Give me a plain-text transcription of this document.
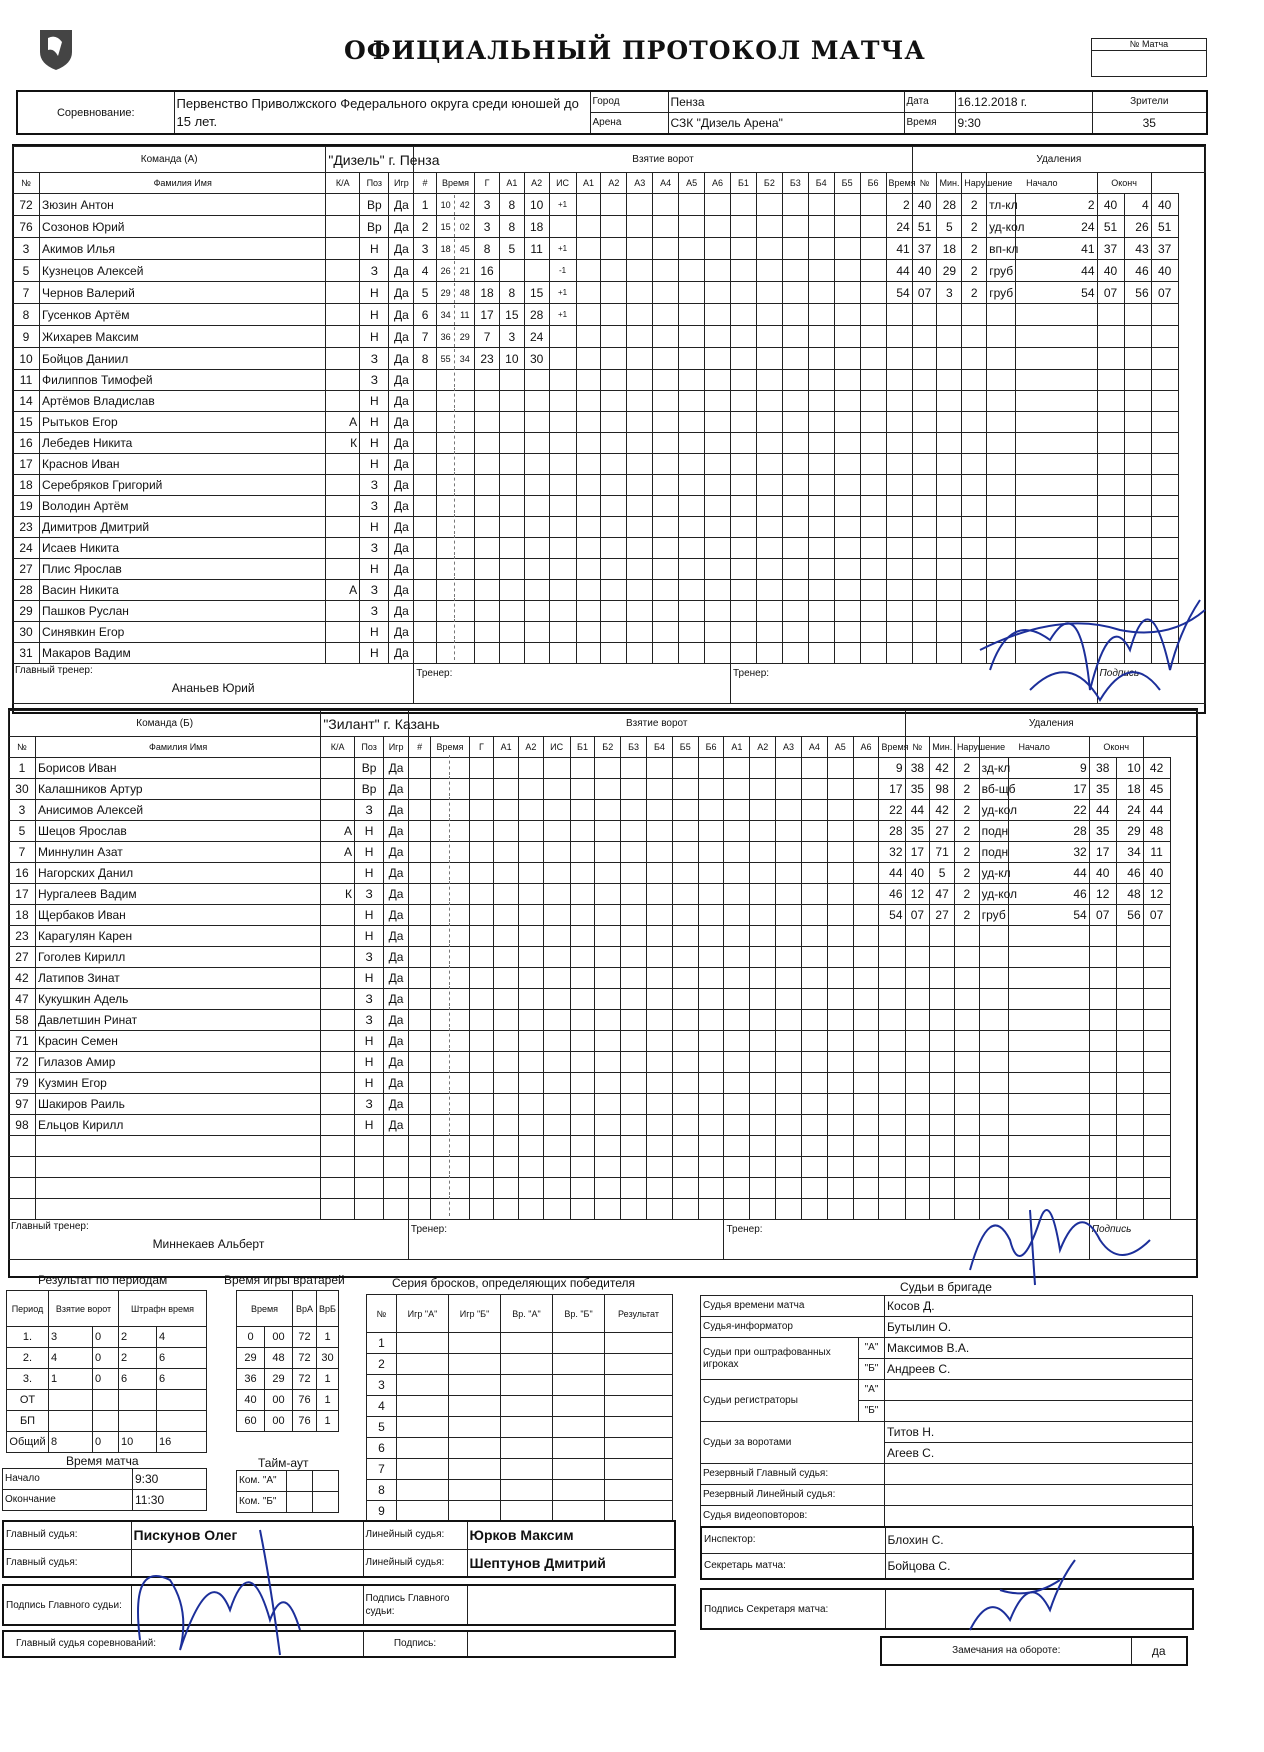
ОФИЦИАЛЬНЫЙ ПРОТОКОЛ МАТЧА	№ Матча

Соревнование:	Первенство Приволжского Федерального округа среди юношей до 15 лет.	Город	Пенза	Дата	16.12.2018 г.	Зрители
		Арена	СЗК "Дизель Арена"	Время	9:30	35
Команда (А)		"Дизель" г. Пенза			Взятие ворот																			Удаления							
№	Фамилия Имя	К/А	Поз	Игр	#	Время	Г	А1	А2	ИС	А1	А2	А3	А4	А5	А6	Б1	Б2	Б3	Б4	Б5	Б6	Время	№	Мин.	Нарушение	Начало		Оконч		
72	Зюзин Антон		Вр	Да	1	10 42	3	8	10	+1													2	40	28	2	тл-кл	2	40	4	40
76	Созонов Юрий		Вр	Да	2	15 02	3	8	18														24	51	5	2	уд-кол	24	51	26	51
3	Акимов Илья		Н	Да	3	18 45	8	5	11	+1													41	37	18	2	вп-кл	41	37	43	37
5	Кузнецов Алексей		З	Да	4	26 21	16			-1													44	40	29	2	груб	44	40	46	40
7	Чернов Валерий		Н	Да	5	29 48	18	8	15	+1													54	07	3	2	груб	54	07	56	07
8	Гусенков Артём		Н	Да	6	34 11	17	15	28	+1																					
9	Жихарев Максим		Н	Да	7	36 29	7	3	24																						
10	Бойцов Даниил		З	Да	8	55 34	23	10	30																						
11	Филиппов Тимофей		З	Да																											
14	Артёмов Владислав		Н	Да																											
15	Рытьков Егор	А	Н	Да																											
16	Лебедев Никита	К	Н	Да																											
17	Краснов Иван		Н	Да																											
18	Серебряков Григорий		З	Да																											
19	Володин Артём		З	Да																											
23	Димитров Дмитрий		Н	Да																											
24	Исаев Никита		З	Да																											
27	Плис Ярослав		Н	Да																											
28	Васин Никита	А	З	Да																											
29	Пашков Руслан		З	Да																											
30	Синявкин Егор		Н	Да																											
31	Макаров Вадим		Н	Да																											

Главный тренер:
Ананьев Юрий					Тренер:												Тренер:												Подпись		
Команда (Б)		"Зилант" г. Казань			Взятие ворот																			Удаления							
№	Фамилия Имя	К/А	Поз	Игр	#	Время	Г	А1	А2	ИС	Б1	Б2	Б3	Б4	Б5	Б6	А1	А2	А3	А4	А5	А6	Время	№	Мин.	Нарушение	Начало		Оконч		
1	Борисов Иван		Вр	Да																			9	38	42	2	зд-кл	9	38	10	42
30	Калашников Артур		Вр	Да																			17	35	98	2	вб-щб	17	35	18	45
3	Анисимов Алексей		З	Да																			22	44	42	2	уд-кол	22	44	24	44
5	Шецов Ярослав	А	Н	Да																			28	35	27	2	подн	28	35	29	48
7	Миннулин Азат	А	Н	Да																			32	17	71	2	подн	32	17	34	11
16	Нагорских Данил		Н	Да																			44	40	5	2	уд-кл	44	40	46	40
17	Нургалеев Вадим	К	З	Да																			46	12	47	2	уд-кол	46	12	48	12
18	Щербаков Иван		Н	Да																			54	07	27	2	груб	54	07	56	07
23	Карагулян Карен		Н	Да																											
27	Гоголев Кирилл		З	Да																											
42	Латипов Зинат		Н	Да																											
47	Кукушкин Адель		З	Да																											
58	Давлетшин Ринат		З	Да																											
71	Красин Семен		Н	Да																											
72	Гилазов Амир		Н	Да																											
79	Кузмин Егор		Н	Да																											
97	Шакиров Раиль		З	Да																											
98	Ельцов Кирилл		Н	Да																											

Главный тренер:
Миннекаев Альберт					Тренер:												Тренер:												Подпись		
Результат по периодам
Период	Взятие ворот		Штрафн время	
1.	3	0	2	4
2.	4	0	2	6
3.	1	0	6	6
ОТ				
БП				
Общий	8	0	10	16
Время игры вратарей
Время		ВрА	ВрБ
0	00	72	1
29	48	72	30
36	29	72	1
40	00	76	1
60	00	76	1
Серия бросков, определяющих победителя
№	Игр "А"	Игр "Б"	Вр. "А"	Вр. "Б"	Результат
1					
2					
3					
4					
5					
6					
7					
8					
9					
Время матча
Начало	9:30
Окончание	11:30
Тайм-аут
Ком. "А"		
Ком. "Б"		
Судьи в бригаде
Судья времени матча		Косов Д.
Судья-информатор		Бутылин О.
Судьи при оштрафованных игроках	"А"	Максимов В.А.
	"Б"	Андреев С.
Судьи регистраторы	"А"	
	"Б"	
Судьи за воротами		Титов Н.
		Агеев С.
Резервный Главный судья:		
Резервный Линейный судья:		
Судья видеоповторов:		
Инспектор:	Блохин С.
Секретарь матча:	Бойцова С.
Подпись Секретаря матча:	
Замечания на обороте:	да
Главный судья:	Пискунов Олег	Линейный судья:	Юрков Максим
Главный судья:		Линейный судья:	Шептунов Дмитрий
Подпись Главного судьи:		Подпись Главного судьи:	
Главный судья соревнований:	Подпись:	
